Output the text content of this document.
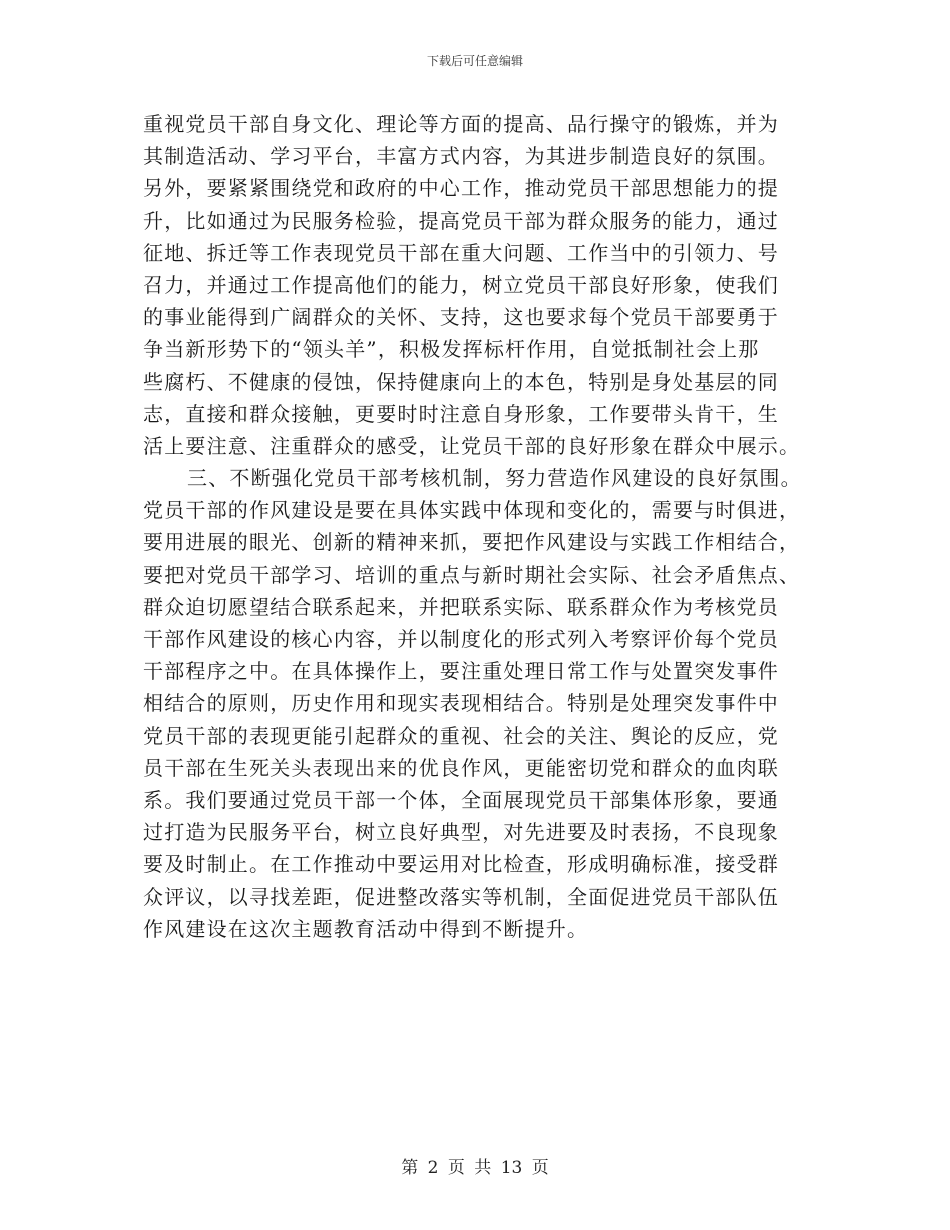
下载后可任意编辑
重视党员干部自身文化、理论等方面的提高、品行操守的锻炼，并为
其制造活动、学习平台，丰富方式内容，为其进步制造良好的氛围。
另外，要紧紧围绕党和政府的中心工作，推动党员干部思想能力的提
升，比如通过为民服务检验，提高党员干部为群众服务的能力，通过
征地、拆迁等工作表现党员干部在重大问题、工作当中的引领力、号
召力，并通过工作提高他们的能力，树立党员干部良好形象，使我们
的事业能得到广阔群众的关怀、支持，这也要求每个党员干部要勇于
争当新形势下的“领头羊”，积极发挥标杆作用，自觉抵制社会上那
些腐朽、不健康的侵蚀，保持健康向上的本色，特别是身处基层的同
志，直接和群众接触，更要时时注意自身形象，工作要带头肯干，生
活上要注意、注重群众的感受，让党员干部的良好形象在群众中展示。
三、不断强化党员干部考核机制，努力营造作风建设的良好氛围。
党员干部的作风建设是要在具体实践中体现和变化的，需要与时俱进，
要用进展的眼光、创新的精神来抓，要把作风建设与实践工作相结合，
要把对党员干部学习、培训的重点与新时期社会实际、社会矛盾焦点、
群众迫切愿望结合联系起来，并把联系实际、联系群众作为考核党员
干部作风建设的核心内容，并以制度化的形式列入考察评价每个党员
干部程序之中。在具体操作上，要注重处理日常工作与处置突发事件
相结合的原则，历史作用和现实表现相结合。特别是处理突发事件中
党员干部的表现更能引起群众的重视、社会的关注、舆论的反应，党
员干部在生死关头表现出来的优良作风，更能密切党和群众的血肉联
系。我们要通过党员干部一个体，全面展现党员干部集体形象，要通
过打造为民服务平台，树立良好典型，对先进要及时表扬，不良现象
要及时制止。在工作推动中要运用对比检查，形成明确标准，接受群
众评议，以寻找差距，促进整改落实等机制，全面促进党员干部队伍
作风建设在这次主题教育活动中得到不断提升。
第 2 页 共 13 页
